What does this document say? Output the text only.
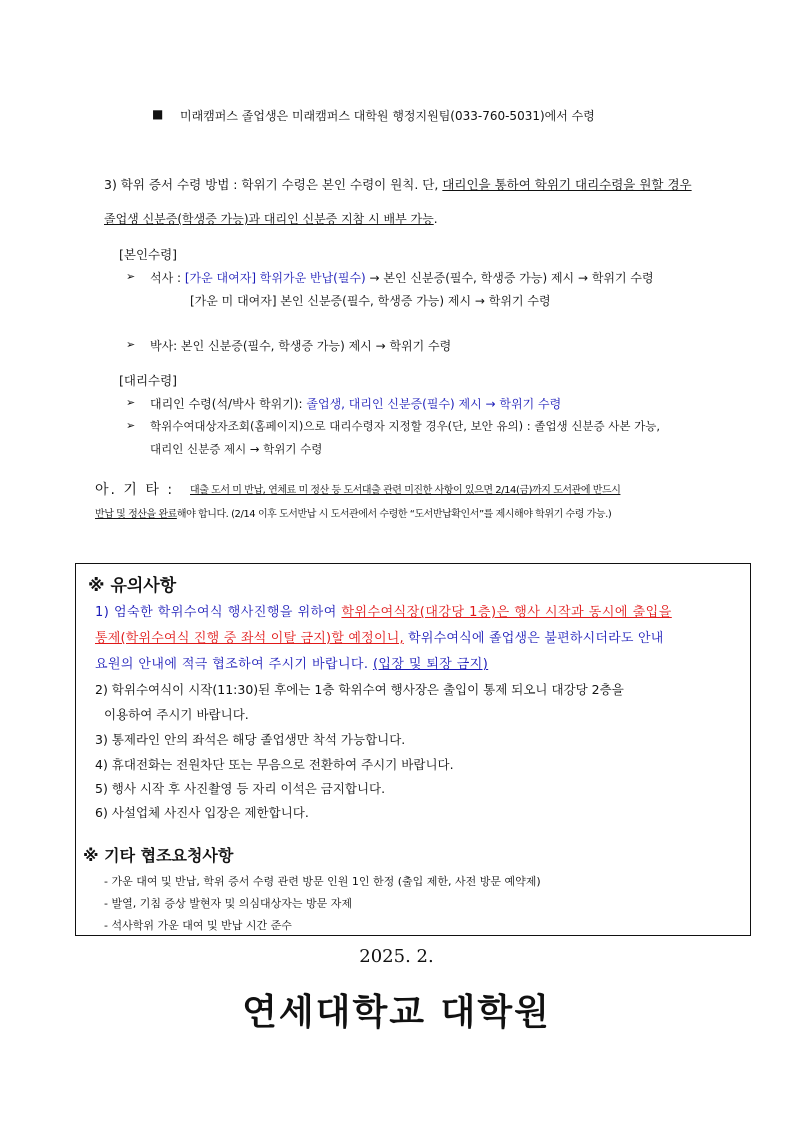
■ 미래캠퍼스 졸업생은 미래캠퍼스 대학원 행정지원팀(033-760-5031)에서 수령
3) 학위 증서 수령 방법 : 학위기 수령은 본인 수령이 원칙. 단, 대리인을 통하여 학위기 대리수령을 원할 경우
졸업생 신분증(학생증 가능)과 대리인 신분증 지참 시 배부 가능.
[본인수령]
➢ 석사 : [가운 대여자] 학위가운 반납(필수) → 본인 신분증(필수, 학생증 가능) 제시 → 학위기 수령
[가운 미 대여자] 본인 신분증(필수, 학생증 가능) 제시 → 학위기 수령
➢ 박사: 본인 신분증(필수, 학생증 가능) 제시 → 학위기 수령
[대리수령]
➢ 대리인 수령(석/박사 학위기): 졸업생, 대리인 신분증(필수) 제시 → 학위기 수령
➢ 학위수여대상자조회(홈페이지)으로 대리수령자 지정할 경우(단, 보안 유의) : 졸업생 신분증 사본 가능,
대리인 신분증 제시 → 학위기 수령
아. 기 타 : 대출 도서 미 반납, 연체료 미 정산 등 도서대출 관련 미진한 사항이 있으면 2/14(금)까지 도서관에 반드시
반납 및 정산을 완료해야 합니다. (2/14 이후 도서반납 시 도서관에서 수령한 “도서반납확인서”를 제시해야 학위기 수령 가능.)
※ 유의사항
1) 엄숙한 학위수여식 행사진행을 위하여 학위수여식장(대강당 1층)은 행사 시작과 동시에 출입을
통제(학위수여식 진행 중 좌석 이탈 금지)할 예정이니, 학위수여식에 졸업생은 불편하시더라도 안내
요원의 안내에 적극 협조하여 주시기 바랍니다. (입장 및 퇴장 금지)
2) 학위수여식이 시작(11:30)된 후에는 1층 학위수여 행사장은 출입이 통제 되오니 대강당 2층을
이용하여 주시기 바랍니다.
3) 통제라인 안의 좌석은 해당 졸업생만 착석 가능합니다.
4) 휴대전화는 전원차단 또는 무음으로 전환하여 주시기 바랍니다.
5) 행사 시작 후 사진촬영 등 자리 이석은 금지합니다.
6) 사설업체 사진사 입장은 제한합니다.
※ 기타 협조요청사항
- 가운 대여 및 반납, 학위 증서 수령 관련 방문 인원 1인 한정 (출입 제한, 사전 방문 예약제)
- 발열, 기침 증상 발현자 및 의심대상자는 방문 자제
- 석사학위 가운 대여 및 반납 시간 준수
2025. 2.
연세대학교 대학원
